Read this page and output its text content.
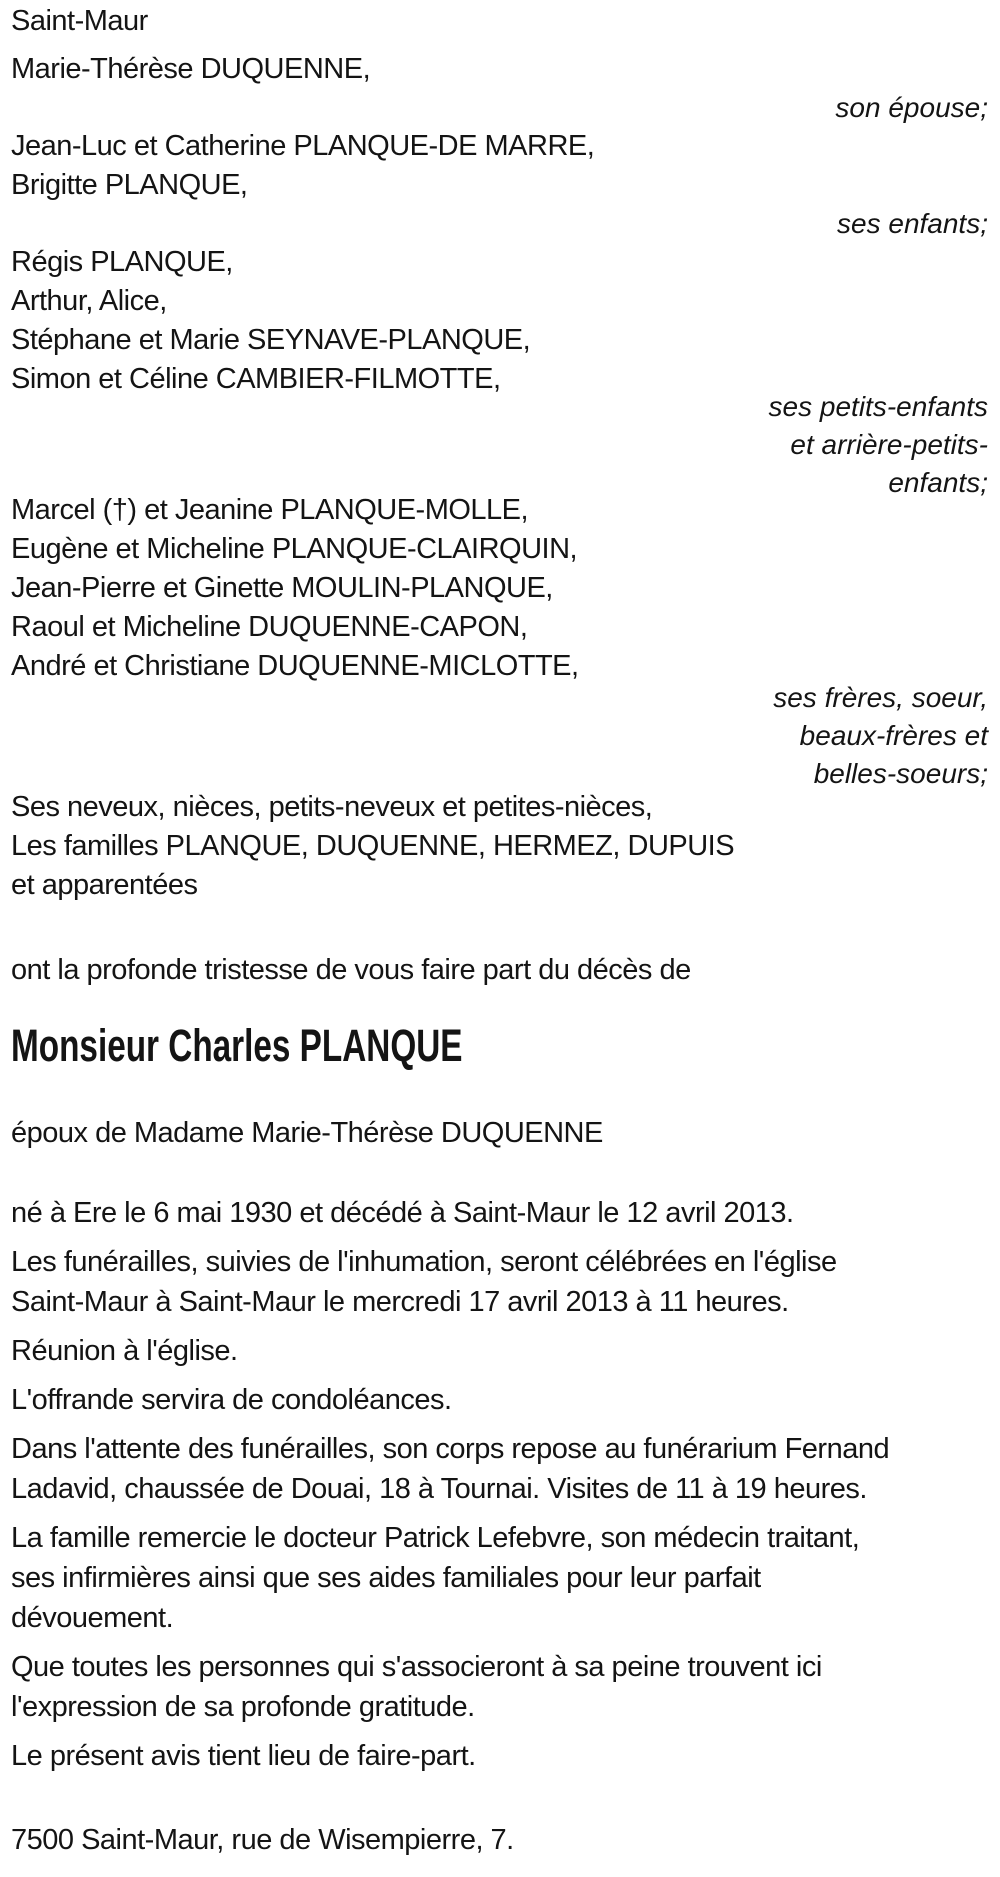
Saint-Maur
Marie-Thérèse DUQUENNE,
son épouse;
Jean-Luc et Catherine PLANQUE-DE MARRE,
Brigitte PLANQUE,
ses enfants;
Régis PLANQUE,
Arthur, Alice,
Stéphane et Marie SEYNAVE-PLANQUE,
Simon et Céline CAMBIER-FILMOTTE,
ses petits-enfants
et arrière-petits-
enfants;
Marcel (†) et Jeanine PLANQUE-MOLLE,
Eugène et Micheline PLANQUE-CLAIRQUIN,
Jean-Pierre et Ginette MOULIN-PLANQUE,
Raoul et Micheline DUQUENNE-CAPON,
André et Christiane DUQUENNE-MICLOTTE,
ses frères, soeur,
beaux-frères et
belles-soeurs;
Ses neveux, nièces, petits-neveux et petites-nièces,
Les familles PLANQUE, DUQUENNE, HERMEZ, DUPUIS
et apparentées

ont la profonde tristesse de vous faire part du décès de

Monsieur Charles PLANQUE

époux de Madame Marie-Thérèse DUQUENNE

né à Ere le 6 mai 1930 et décédé à Saint-Maur le 12 avril 2013.
Les funérailles, suivies de l'inhumation, seront célébrées en l'église
Saint-Maur à Saint-Maur le mercredi 17 avril 2013 à 11 heures.
Réunion à l'église.
L'offrande servira de condoléances.
Dans l'attente des funérailles, son corps repose au funérarium Fernand
Ladavid, chaussée de Douai, 18 à Tournai. Visites de 11 à 19 heures.
La famille remercie le docteur Patrick Lefebvre, son médecin traitant,
ses infirmières ainsi que ses aides familiales pour leur parfait
dévouement.
Que toutes les personnes qui s'associeront à sa peine trouvent ici
l'expression de sa profonde gratitude.
Le présent avis tient lieu de faire-part.

7500 Saint-Maur, rue de Wisempierre, 7.
